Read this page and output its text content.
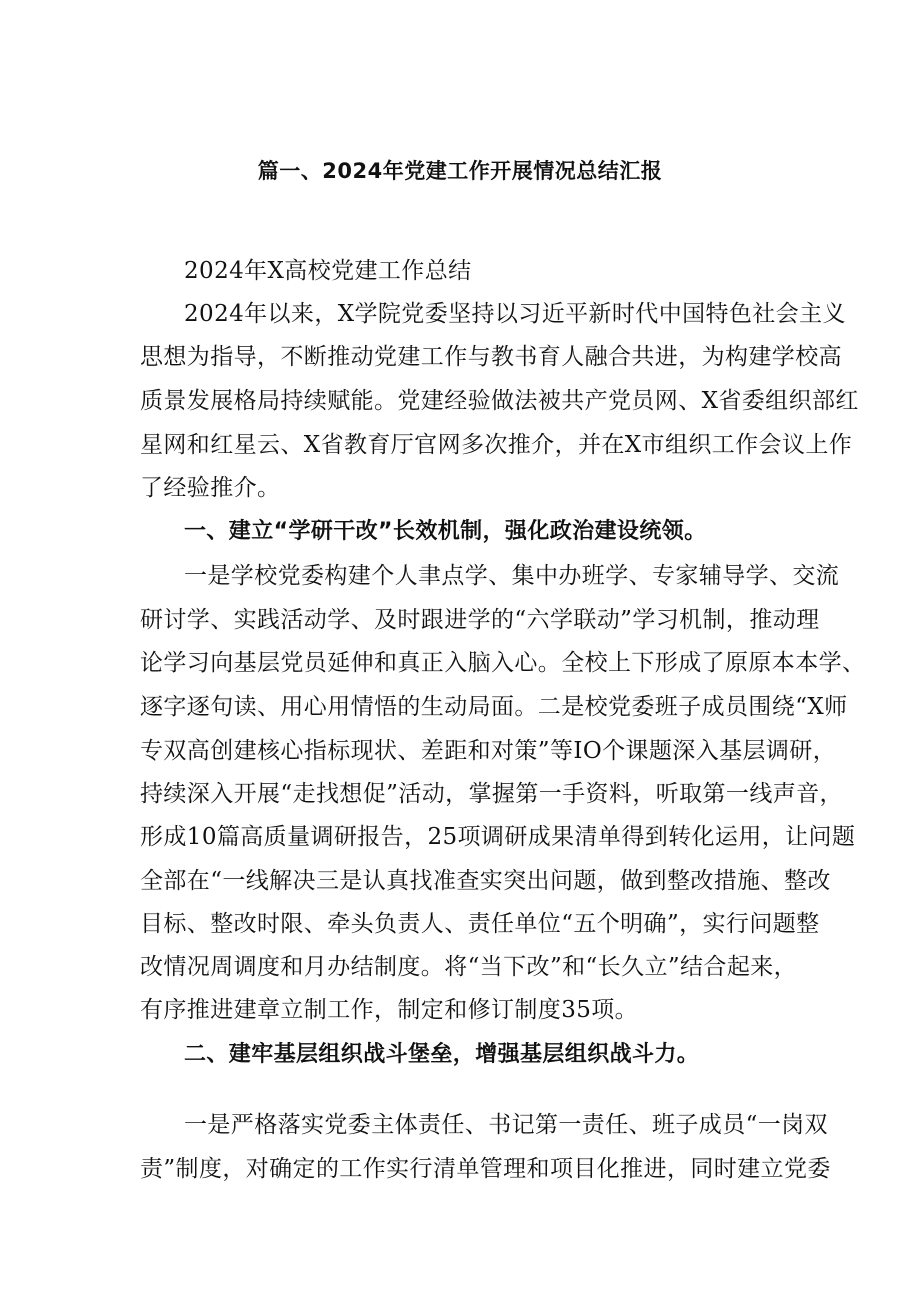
篇一、2024年党建工作开展情况总结汇报
2024年X高校党建工作总结
2024年以来，X学院党委坚持以习近平新时代中国特色社会主义
思想为指导，不断推动党建工作与教书育人融合共进，为构建学校高
质景发展格局持续赋能。党建经验做法被共产党员网、X省委组织部红
星网和红星云、X省教育厅官网多次推介，并在X市组织工作会议上作
了经验推介。
一、建立“学研干改”长效机制，强化政治建设统领。
一是学校党委构建个人聿点学、集中办班学、专家辅导学、交流
研讨学、实践活动学、及时跟进学的“六学联动”学习机制，推动理
论学习向基层党员延伸和真正入脑入心。全校上下形成了原原本本学、
逐字逐句读、用心用情悟的生动局面。二是校党委班子成员围绕“X师
专双高创建核心指标现状、差距和对策”等IO个课题深入基层调研，
持续深入开展“走找想促”活动，掌握第一手资料，听取第一线声音，
形成10篇高质量调研报告，25项调研成果清单得到转化运用，让问题
全部在“一线解决三是认真找准查实突出问题，做到整改措施、整改
目标、整改时限、牵头负责人、责任单位“五个明确”，实行问题整
改情况周调度和月办结制度。将“当下改”和“长久立”结合起来，
有序推进建章立制工作，制定和修订制度35项。
二、建牢基层组织战斗堡垒，增强基层组织战斗力。
一是严格落实党委主体责任、书记第一责任、班子成员“一岗双
责”制度，对确定的工作实行清单管理和项目化推进，同时建立党委
